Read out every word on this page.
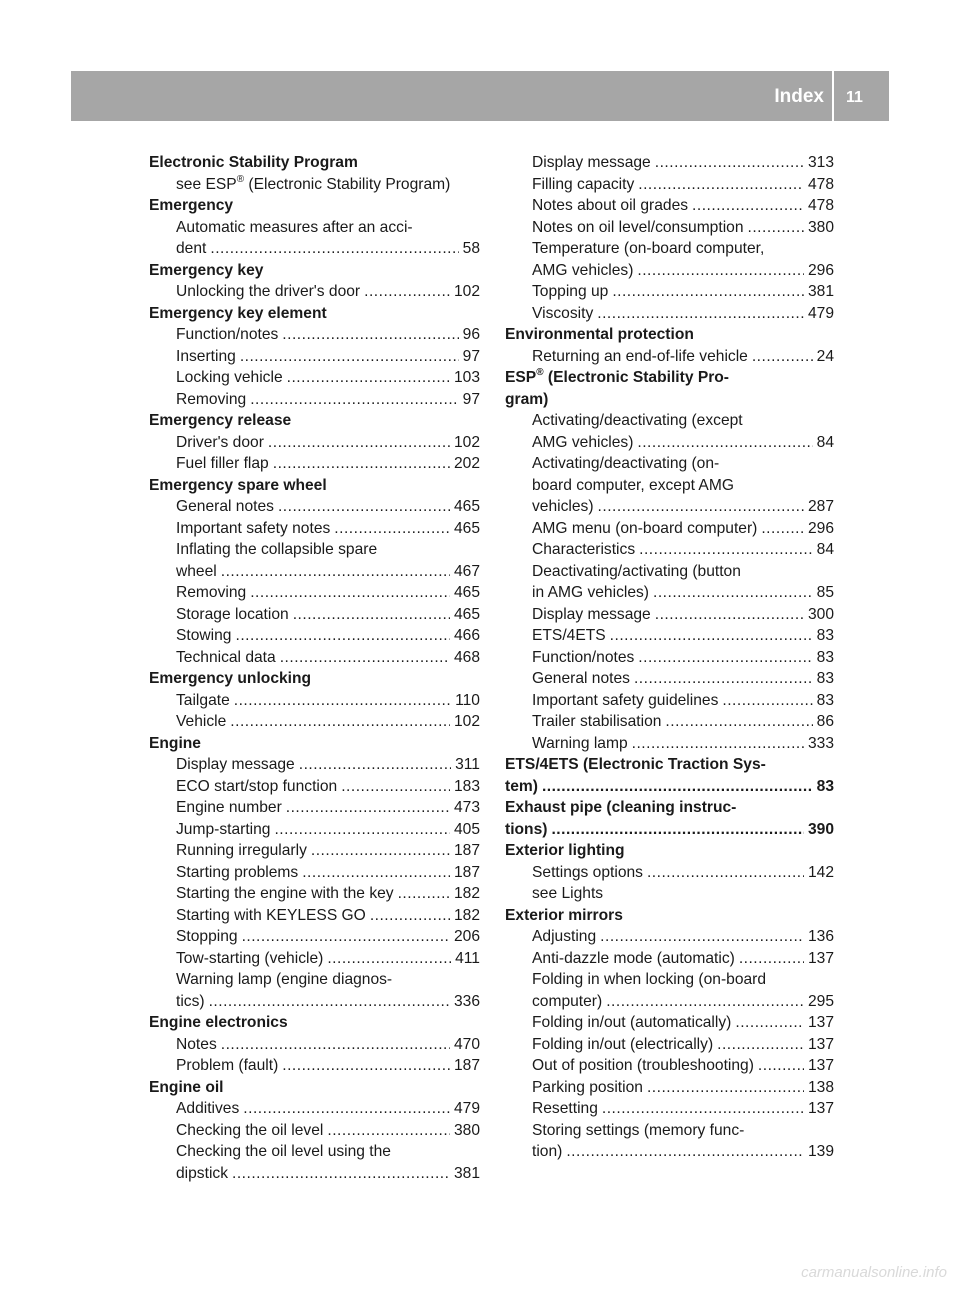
Index 11
Electronic Stability Program
see ESP® (Electronic Stability Program)
Emergency
Automatic measures after an acci-
dent .....	58
Emergency key
Unlocking the driver's door .....	102
Emergency key element
Function/notes .....	96
Inserting .....	97
Locking vehicle .....	103
Removing .....	97
Emergency release
Driver's door .....	102
Fuel filler flap .....	202
Emergency spare wheel
General notes .....	465
Important safety notes .....	465
Inflating the collapsible spare
wheel .....	467
Removing .....	465
Storage location .....	465
Stowing .....	466
Technical data .....	468
Emergency unlocking
Tailgate .....	110
Vehicle .....	102
Engine
Display message .....	311
ECO start/stop function .....	183
Engine number .....	473
Jump-starting .....	405
Running irregularly .....	187
Starting problems .....	187
Starting the engine with the key .....	182
Starting with KEYLESS GO .....	182
Stopping .....	206
Tow-starting (vehicle) .....	411
Warning lamp (engine diagnos-
tics) .....	336
Engine electronics
Notes .....	470
Problem (fault) .....	187
Engine oil
Additives .....	479
Checking the oil level .....	380
Checking the oil level using the
dipstick .....	381
Display message .....	313
Filling capacity .....	478
Notes about oil grades .....	478
Notes on oil level/consumption .....	380
Temperature (on-board computer,
AMG vehicles) .....	296
Topping up .....	381
Viscosity .....	479
Environmental protection
Returning an end-of-life vehicle .....	24
ESP® (Electronic Stability Pro-
gram)
Activating/deactivating (except
AMG vehicles) .....	84
Activating/deactivating (on-
board computer, except AMG
vehicles) .....	287
AMG menu (on-board computer) .....	296
Characteristics .....	84
Deactivating/activating (button
in AMG vehicles) .....	85
Display message .....	300
ETS/4ETS .....	83
Function/notes .....	83
General notes .....	83
Important safety guidelines .....	83
Trailer stabilisation .....	86
Warning lamp .....	333
ETS/4ETS (Electronic Traction Sys-
tem) .....	83
Exhaust pipe (cleaning instruc-
tions) .....	390
Exterior lighting
Settings options .....	142
see Lights
Exterior mirrors
Adjusting .....	136
Anti-dazzle mode (automatic) .....	137
Folding in when locking (on-board
computer) .....	295
Folding in/out (automatically) .....	137
Folding in/out (electrically) .....	137
Out of position (troubleshooting) .....	137
Parking position .....	138
Resetting .....	137
Storing settings (memory func-
tion) .....	139
carmanualsonline.info
